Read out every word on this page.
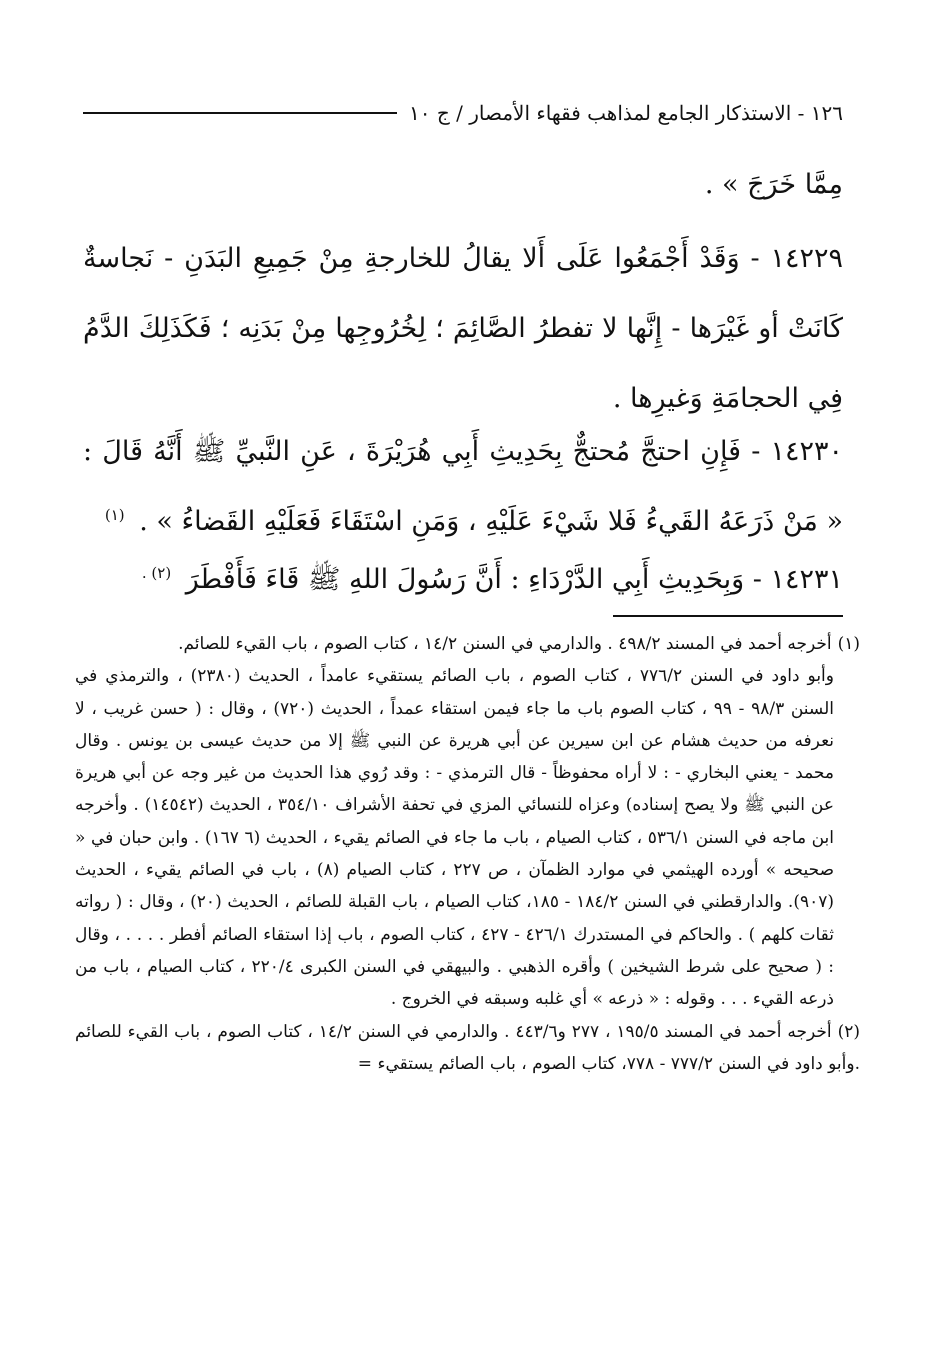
١٢٦ - الاستذكار الجامع لمذاهب فقهاء الأمصار / ج ١٠

مِمَّا خَرَجَ » .

١٤٢٢٩ - وَقَدْ أَجْمَعُوا عَلَى أَلا يقالُ للخارجةِ مِنْ جَمِيعِ البَدَنِ - نَجاسةٌ كَانَتْ أو غَيْرَها - إِنَّها لا تفطرُ الصَّائِمَ ؛ لِخُرُوجِها مِنْ بَدَنِه ؛ فَكَذَلِكَ الدَّمُ فِي الحجامَةِ وَغيرِها .

١٤٢٣٠ - فَإِنِ احتجَّ مُحتجٌّ بِحَدِيثِ أَبِي هُرَيْرَةَ ، عَنِ النَّبيِّ ﷺ أَنَّهُ قَالَ : « مَنْ ذَرَعَهُ القَيءُ فَلا شَيْءَ عَلَيْهِ ، وَمَنِ اسْتَقَاءَ فَعَلَيْهِ القَضاءُ » . $^{(١)}$

١٤٢٣١ - وَبِحَدِيثِ أَبِي الدَّرْدَاءِ : أَنَّ رَسُولَ اللهِ ﷺ قَاءَ فَأَفْطَرَ $^{(٢) .}$

(١)أخرجه أحمد في المسند ٤٩٨/٢ . والدارمي في السنن ١٤/٢ ، كتاب الصوم ، باب القيء للصائم.
وأبو داود في السنن ٧٧٦/٢ ، كتاب الصوم ، باب الصائم يستقيء عامداً ، الحديث (٢٣٨٠) ، والترمذي في السنن ٩٨/٣ - ٩٩ ، كتاب الصوم باب ما جاء فيمن استقاء عمداً ، الحديث (٧٢٠) ، وقال : ( حسن غريب ، لا نعرفه من حديث هشام عن ابن سيرين عن أبي هريرة عن النبي ﷺ إلا من حديث عيسى بن يونس . وقال محمد - يعني البخاري - : لا أراه محفوظاً - قال الترمذي - : وقد رُوي هذا الحديث من غير وجه عن أبي هريرة عن النبي ﷺ ولا يصح إسناده) وعزاه للنسائي المزي في تحفة الأشراف ٣٥٤/١٠ ، الحديث (١٤٥٤٢) . وأخرجه ابن ماجه في السنن ٥٣٦/١ ، كتاب الصيام ، باب ما جاء في الصائم يقيء ، الحديث (٦ ١٦٧) . وابن حبان في « صحيحه » أورده الهيثمي في موارد الظمآن ، ص ٢٢٧ ، كتاب الصيام (٨) ، باب في الصائم يقيء ، الحديث (٩٠٧). والدارقطني في السنن ١٨٤/٢ - ١٨٥، كتاب الصيام ، باب القبلة للصائم ، الحديث (٢٠) ، وقال : ( رواته ثقات كلهم ) . والحاكم في المستدرك ٤٢٦/١ - ٤٢٧ ، كتاب الصوم ، باب إذا استقاء الصائم أفطر . . . . ، وقال : ( صحيح على شرط الشيخين ) وأقره الذهبي . والبيهقي في السنن الكبرى ٢٢٠/٤ ، كتاب الصيام ، باب من ذرعه القيء . . . وقوله : « ذرعه » أي غلبه وسبقه في الخروج .

(٢)أخرجه أحمد في المسند ١٩٥/٥ ، ٢٧٧ و٤٤٣/٦ . والدارمي في السنن ١٤/٢ ، كتاب الصوم ، باب القيء للصائم .وأبو داود في السنن ٧٧٧/٢ - ٧٧٨، كتاب الصوم ، باب الصائم يستقيء =
